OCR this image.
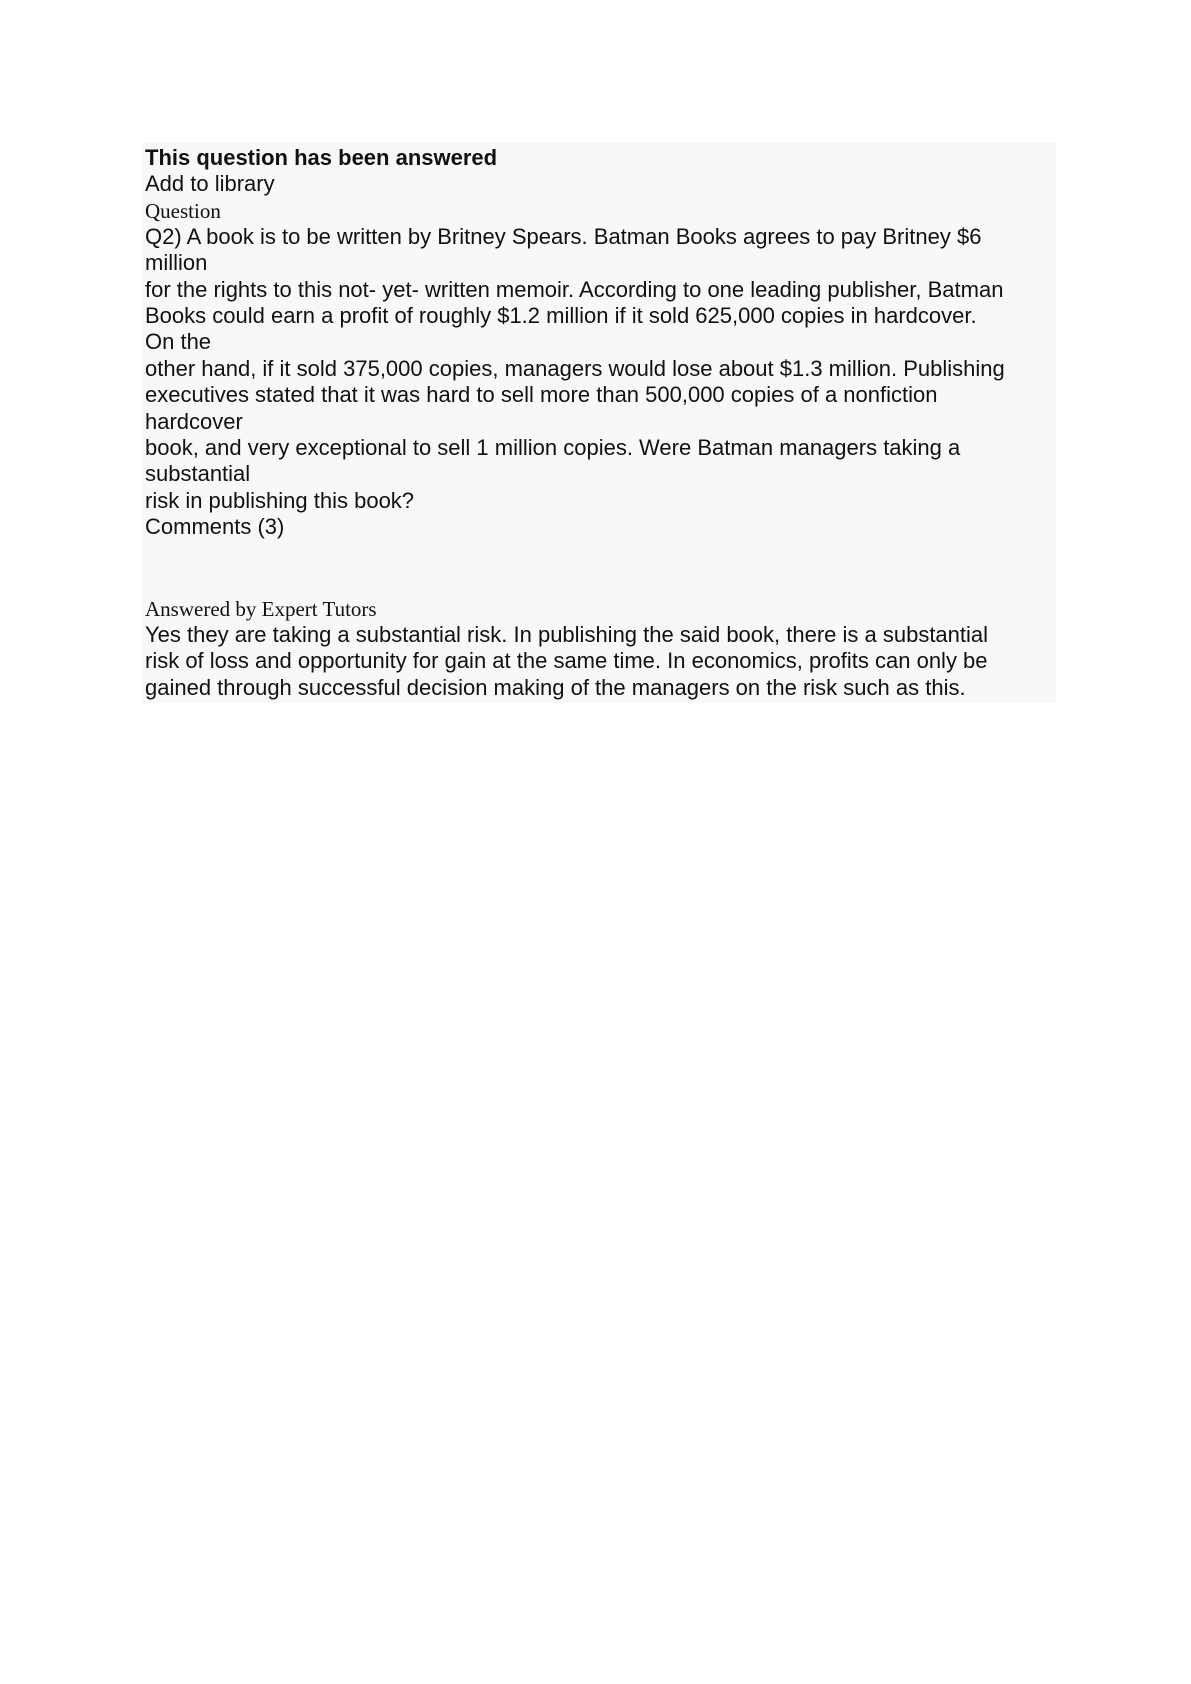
This question has been answered
Add to library
Question
Q2) A book is to be written by Britney Spears. Batman Books agrees to pay Britney $6
million
for the rights to this not- yet- written memoir. According to one leading publisher, Batman
Books could earn a profit of roughly $1.2 million if it sold 625,000 copies in hardcover.
On the
other hand, if it sold 375,000 copies, managers would lose about $1.3 million. Publishing
executives stated that it was hard to sell more than 500,000 copies of a nonfiction
hardcover
book, and very exceptional to sell 1 million copies. Were Batman managers taking a
substantial
risk in publishing this book?
Comments (3)
Answered by Expert Tutors
Yes they are taking a substantial risk. In publishing the said book, there is a substantial
risk of loss and opportunity for gain at the same time. In economics, profits can only be
gained through successful decision making of the managers on the risk such as this.
